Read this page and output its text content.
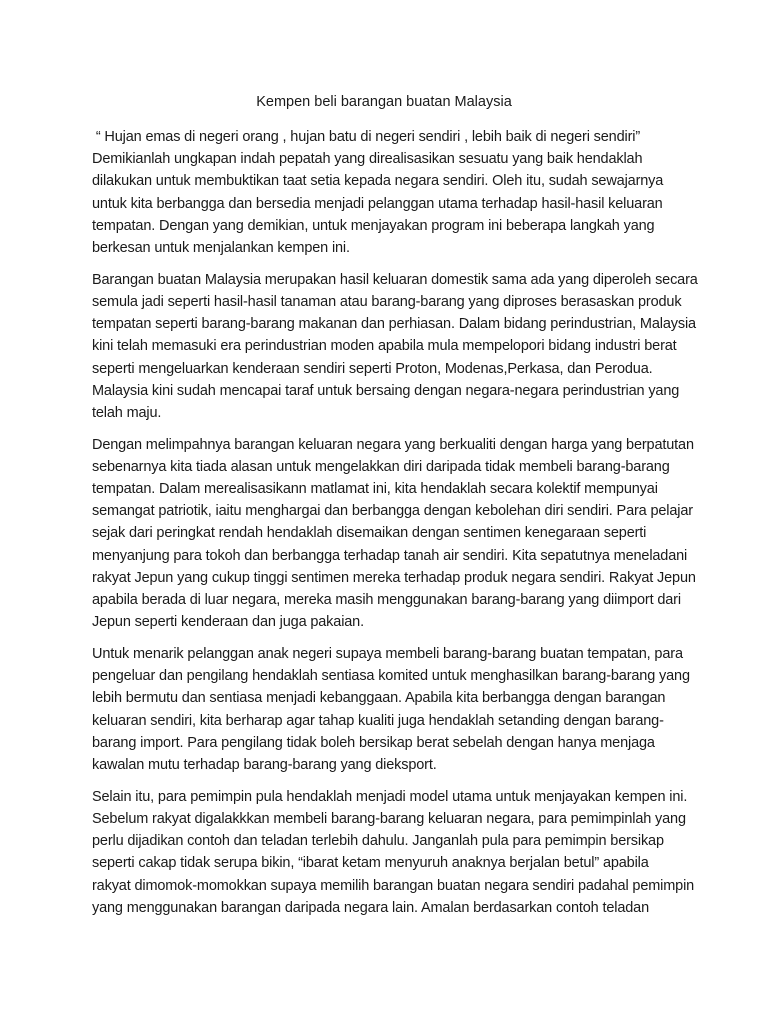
Kempen beli barangan buatan Malaysia
“ Hujan emas di negeri orang , hujan batu di negeri sendiri , lebih baik di negeri sendiri”
Demikianlah ungkapan indah pepatah yang direalisasikan sesuatu yang baik hendaklah
dilakukan untuk membuktikan taat setia kepada negara sendiri. Oleh itu, sudah sewajarnya
untuk kita berbangga dan bersedia menjadi pelanggan utama terhadap hasil-hasil keluaran
tempatan. Dengan yang demikian, untuk menjayakan program ini beberapa langkah yang
berkesan untuk menjalankan kempen ini.
Barangan buatan Malaysia merupakan hasil keluaran domestik sama ada yang diperoleh secara
semula jadi seperti hasil-hasil tanaman atau barang-barang yang diproses berasaskan produk
tempatan seperti barang-barang makanan dan perhiasan. Dalam bidang perindustrian, Malaysia
kini telah memasuki era perindustrian moden apabila mula mempelopori bidang industri berat
seperti mengeluarkan kenderaan sendiri seperti Proton, Modenas,Perkasa, dan Perodua.
Malaysia kini sudah mencapai taraf untuk bersaing dengan negara-negara perindustrian yang
telah maju.
Dengan melimpahnya barangan keluaran negara yang berkualiti dengan harga yang berpatutan
sebenarnya kita tiada alasan untuk mengelakkan diri daripada tidak membeli barang-barang
tempatan. Dalam merealisasikann matlamat ini, kita hendaklah secara kolektif mempunyai
semangat patriotik, iaitu menghargai dan berbangga dengan kebolehan diri sendiri. Para pelajar
sejak dari peringkat rendah hendaklah disemaikan dengan sentimen kenegaraan seperti
menyanjung para tokoh dan berbangga terhadap tanah air sendiri. Kita sepatutnya meneladani
rakyat Jepun yang cukup tinggi sentimen mereka terhadap produk negara sendiri. Rakyat Jepun
apabila berada di luar negara, mereka masih menggunakan barang-barang yang diimport dari
Jepun seperti kenderaan dan juga pakaian.
Untuk menarik pelanggan anak negeri supaya membeli barang-barang buatan tempatan, para
pengeluar dan pengilang hendaklah sentiasa komited untuk menghasilkan barang-barang yang
lebih bermutu dan sentiasa menjadi kebanggaan. Apabila kita berbangga dengan barangan
keluaran sendiri, kita berharap agar tahap kualiti juga hendaklah setanding dengan barang-
barang import. Para pengilang tidak boleh bersikap berat sebelah dengan hanya menjaga
kawalan mutu terhadap barang-barang yang dieksport.
Selain itu, para pemimpin pula hendaklah menjadi model utama untuk menjayakan kempen ini.
Sebelum rakyat digalakkkan membeli barang-barang keluaran negara, para pemimpinlah yang
perlu dijadikan contoh dan teladan terlebih dahulu. Janganlah pula para pemimpin bersikap
seperti cakap tidak serupa bikin, “ibarat ketam menyuruh anaknya berjalan betul” apabila
rakyat dimomok-momokkan supaya memilih barangan buatan negara sendiri padahal pemimpin
yang menggunakan barangan daripada negara lain. Amalan berdasarkan contoh teladan
